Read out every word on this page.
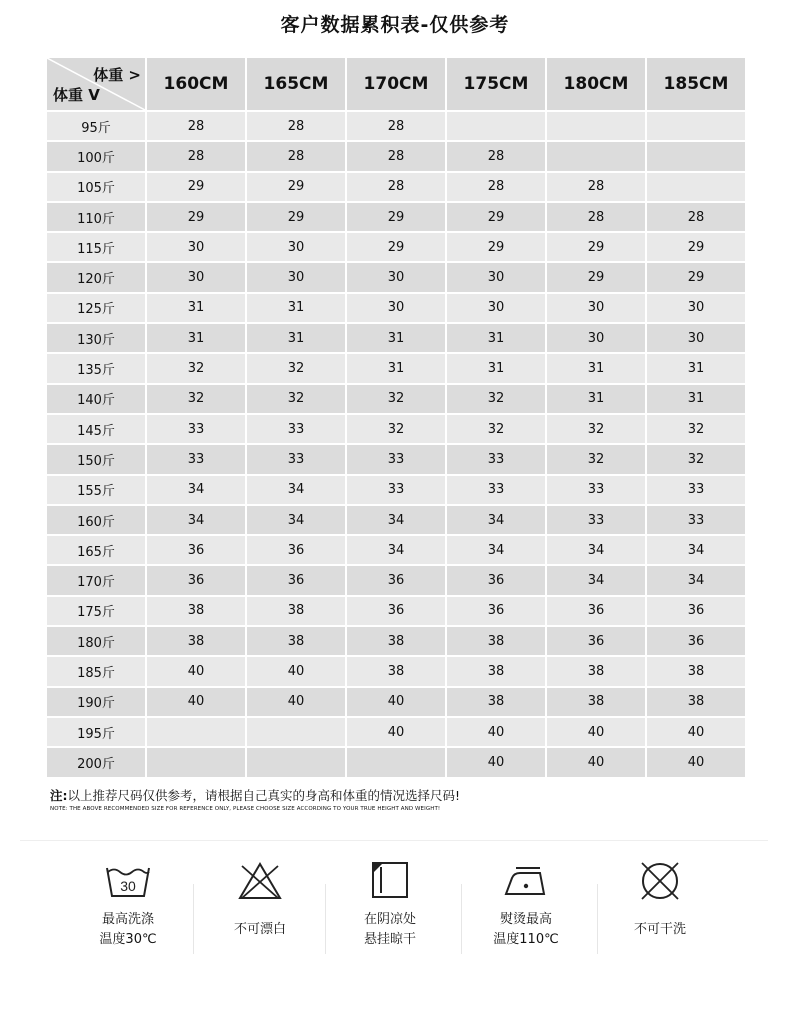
客户数据累积表-仅供参考
体重 >
体重 V	160CM	165CM	170CM	175CM	180CM	185CM
95斤	28	28	28			
100斤	28	28	28	28		
105斤	29	29	28	28	28	
110斤	29	29	29	29	28	28
115斤	30	30	29	29	29	29
120斤	30	30	30	30	29	29
125斤	31	31	30	30	30	30
130斤	31	31	31	31	30	30
135斤	32	32	31	31	31	31
140斤	32	32	32	32	31	31
145斤	33	33	32	32	32	32
150斤	33	33	33	33	32	32
155斤	34	34	33	33	33	33
160斤	34	34	34	34	33	33
165斤	36	36	34	34	34	34
170斤	36	36	36	36	34	34
175斤	38	38	36	36	36	36
180斤	38	38	38	38	36	36
185斤	40	40	38	38	38	38
190斤	40	40	40	38	38	38
195斤			40	40	40	40
200斤				40	40	40
注:以上推荐尺码仅供参考，请根据自己真实的身高和体重的情况选择尺码!
NOTE: THE ABOVE RECOMMENDED SIZE FOR REFERENCE ONLY, PLEASE CHOOSE SIZE ACCORDING TO YOUR TRUE HEIGHT AND WEIGHT!
30
最高洗涤
温度30℃
不可漂白
在阴凉处
悬挂晾干
熨烫最高
温度110℃
不可干洗
